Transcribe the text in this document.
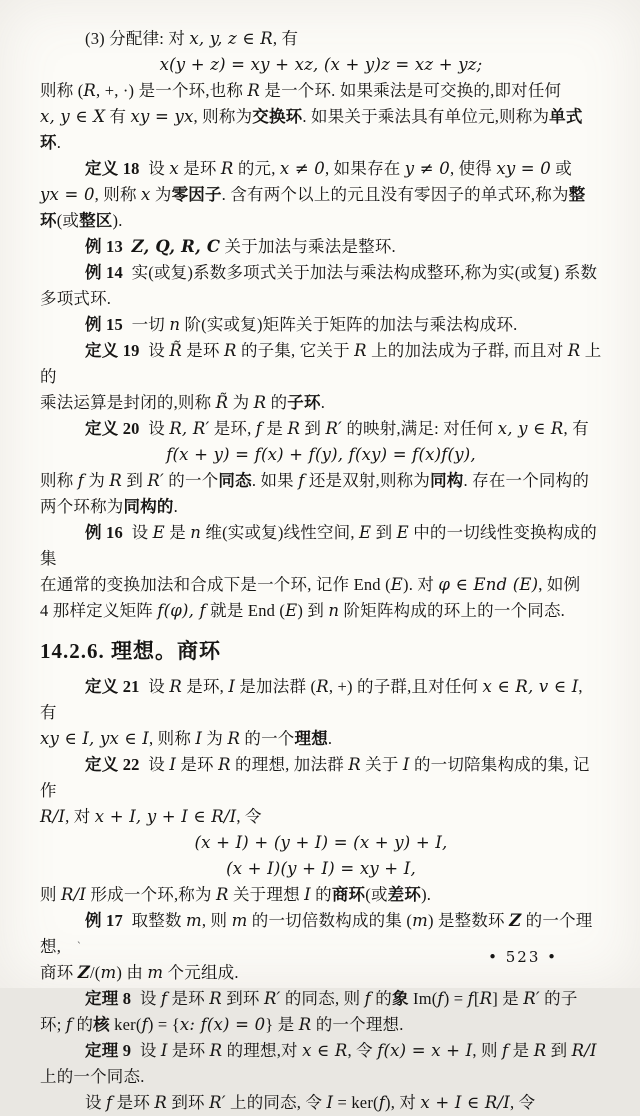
(3) 分配律: 对 x, y, z ∈ R, 有
x(y + z) = xy + xz, (x + y)z = xz + yz;
则称 (R, +, ·) 是一个环,也称 R 是一个环. 如果乘法是可交换的,即对任何
x, y ∈ X 有 xy = yx, 则称为交换环. 如果关于乘法具有单位元,则称为单式
环.
定义 18  设 x 是环 R 的元, x ≠ 0, 如果存在 y ≠ 0, 使得 xy = 0 或
yx = 0, 则称 x 为零因子. 含有两个以上的元且没有零因子的单式环,称为整
环(或整区).
例 13 Z, Q, R, C 关于加法与乘法是整环.
例 14  实(或复)系数多项式关于加法与乘法构成整环,称为实(或复) 系数
多项式环.
例 15  一切 n 阶(实或复)矩阵关于矩阵的加法与乘法构成环.
定义 19  设 R̃ 是环 R 的子集, 它关于 R 上的加法成为子群, 而且对 R 上的
乘法运算是封闭的,则称 R̃ 为 R 的子环.
定义 20  设 R, R′ 是环, f 是 R 到 R′ 的映射,满足: 对任何 x, y ∈ R, 有
f(x + y) = f(x) + f(y), f(xy) = f(x)f(y),
则称 f 为 R 到 R′ 的一个同态. 如果 f 还是双射,则称为同构. 存在一个同构的
两个环称为同构的.
例 16  设 E 是 n 维(实或复)线性空间, E 到 E 中的一切线性变换构成的集
在通常的变换加法和合成下是一个环, 记作 End (E). 对 φ ∈ End (E), 如例
4 那样定义矩阵 f(φ), f 就是 End (E) 到 n 阶矩阵构成的环上的一个同态.
14.2.6. 理想。商环
定义 21  设 R 是环, I 是加法群 (R, +) 的子群,且对任何 x ∈ R, v ∈ I, 有
xy ∈ I, yx ∈ I, 则称 I 为 R 的一个理想.
定义 22  设 I 是环 R 的理想, 加法群 R 关于 I 的一切陪集构成的集, 记作
R/I, 对 x + I, y + I ∈ R/I, 令
(x + I) + (y + I) = (x + y) + I,
(x + I)(y + I) = xy + I,
则 R/I 形成一个环,称为 R 关于理想 I 的商环(或差环).
例 17  取整数 m, 则 m 的一切倍数构成的集 (m) 是整数环 Z 的一个理想,
商环 Z/(m) 由 m 个元组成.
定理 8  设 f 是环 R 到环 R′ 的同态, 则 f 的象 Im(f) = f[R] 是 R′ 的子
环; f 的核 ker(f) = {x: f(x) = 0} 是 R 的一个理想.
定理 9  设 I 是环 R 的理想,对 x ∈ R, 令 f(x) = x + I, 则 f 是 R 到 R/I
上的一个同态.
设 f 是环 R 到环 R′ 上的同态, 令 I = ker(f), 对 x + I ∈ R/I, 令
`
• 523 •
